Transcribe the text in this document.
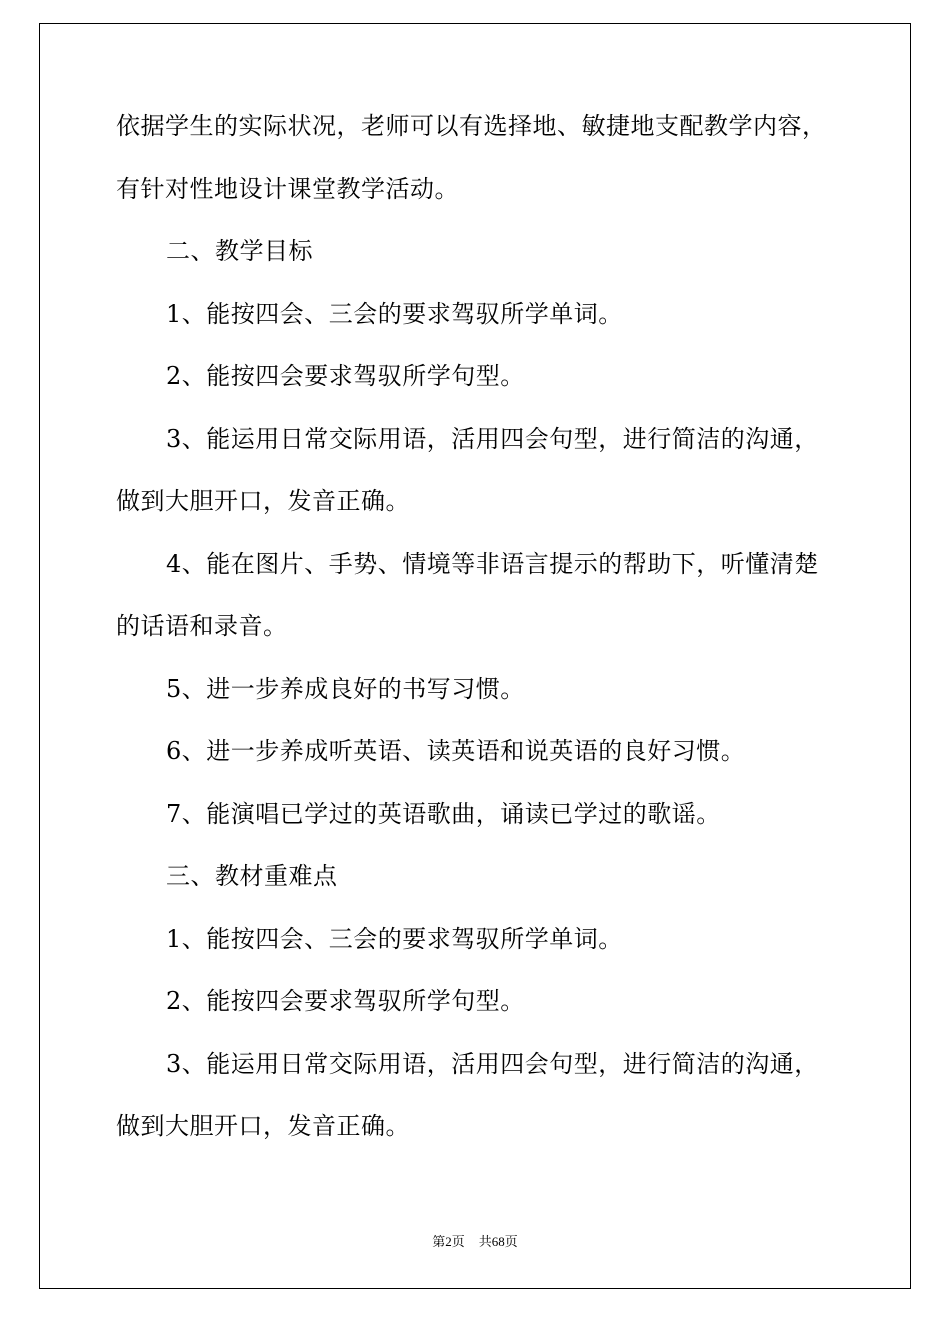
依据学生的实际状况，老师可以有选择地、敏捷地支配教学内容，
有针对性地设计课堂教学活动。
二、教学目标
1、能按四会、三会的要求驾驭所学单词。
2、能按四会要求驾驭所学句型。
3、能运用日常交际用语，活用四会句型，进行简洁的沟通，
做到大胆开口，发音正确。
4、能在图片、手势、情境等非语言提示的帮助下，听懂清楚
的话语和录音。
5、进一步养成良好的书写习惯。
6、进一步养成听英语、读英语和说英语的良好习惯。
7、能演唱已学过的英语歌曲，诵读已学过的歌谣。
三、教材重难点
1、能按四会、三会的要求驾驭所学单词。
2、能按四会要求驾驭所学句型。
3、能运用日常交际用语，活用四会句型，进行简洁的沟通，
做到大胆开口，发音正确。
第2页 共68页
